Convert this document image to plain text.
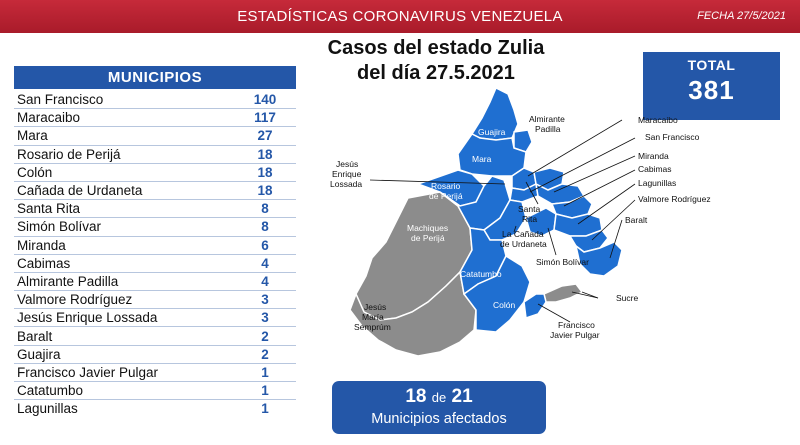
ESTADÍSTICAS CORONAVIRUS VENEZUELA	FECHA 27/5/2021
Casos del estado Zulia
del día 27.5.2021
MUNICIPIOS
San Francisco	140
Maracaibo	117
Mara	27
Rosario de Perijá	18
Colón	18
Cañada de Urdaneta	18
Santa Rita	8
Simón Bolívar	8
Miranda	6
Cabimas	4
Almirante Padilla	4
Valmore Rodríguez	3
Jesús Enrique Lossada	3
Baralt	2
Guajira	2
Francisco Javier Pulgar	1
Catatumbo	1
Lagunillas	1
TOTAL
381
Guajira
Mara
Rosario
de Perijá
Machiques
de Perijá
Catatumbo
Colón
Almirante
Padilla
Jesús
Enrique
Lossada
Maracaibo
San Francisco
Miranda
Cabimas
Lagunillas
Valmore Rodríguez
Baralt
Santa
Rita
La Cañada
de Urdaneta
Simón Bolívar
Jesús
María
Semprúm	Francisco
Javier Pulgar
Sucre
18 de 21
Municipios afectados
